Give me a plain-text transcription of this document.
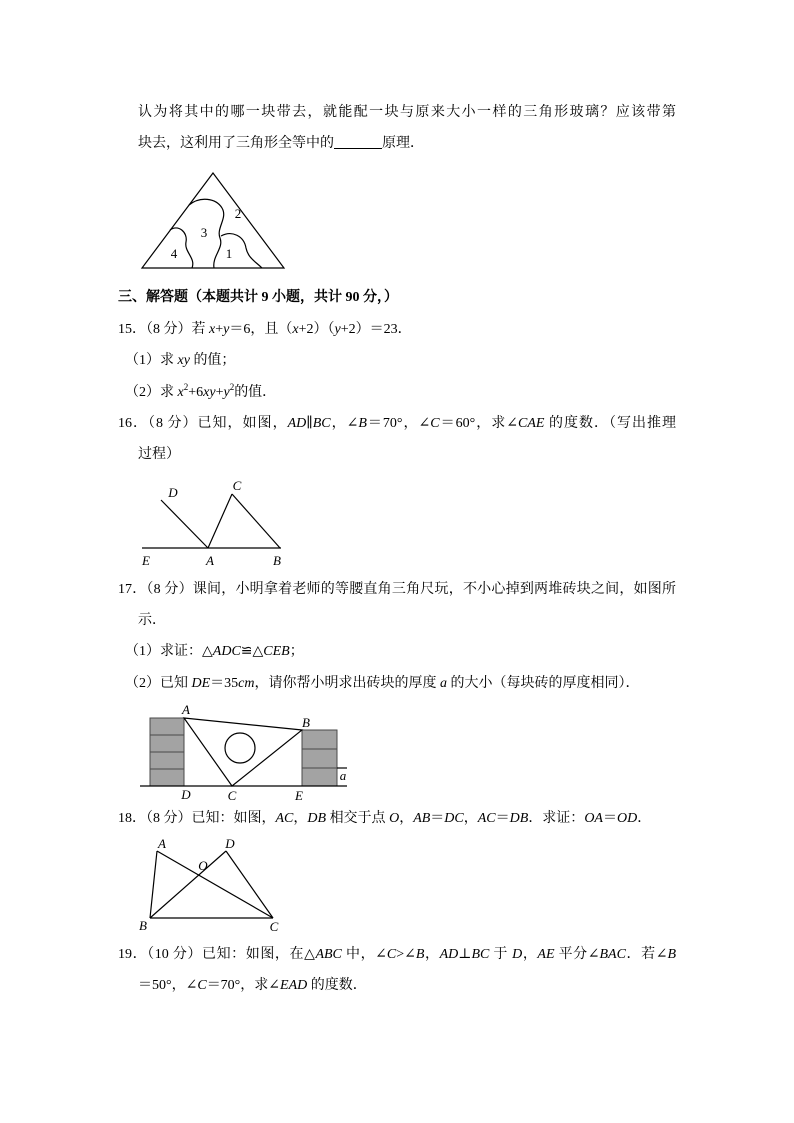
认为将其中的哪一块带去，就能配一块与原来大小一样的三角形玻璃？应该带第
块去，这利用了三角形全等中的	原理．
三、解答题（本题共计 9 小题，共计 90 分，）
15．（8 分）若 x+y＝6，且（x+2）（y+2）＝23．
（1）求 xy 的值；
（2）求 $x^2+6xy+y^2$的值．
16．（8 分）已知，如图，AD∥BC，∠B＝70°，∠C＝60°，求∠CAE 的度数．（写出推理
过程）
17．（8 分）课间，小明拿着老师的等腰直角三角尺玩，不小心掉到两堆砖块之间，如图所
示．
（1）求证：△ADC≌△CEB；
（2）已知 DE＝35cm，请你帮小明求出砖块的厚度 a 的大小（每块砖的厚度相同）．
18．（8 分）已知：如图，AC，DB 相交于点 O，AB＝DC，AC＝DB．求证：OA＝OD．
19．（10 分）已知：如图，在△ABC 中，∠C>∠B，AD⊥BC 于 D，AE 平分∠BAC．若∠B
＝50°，∠C＝70°，求∠EAD 的度数．
1
2
3
4
D	C
E	A	B
A
B
D	C	E
a
A	D
O
B	C
